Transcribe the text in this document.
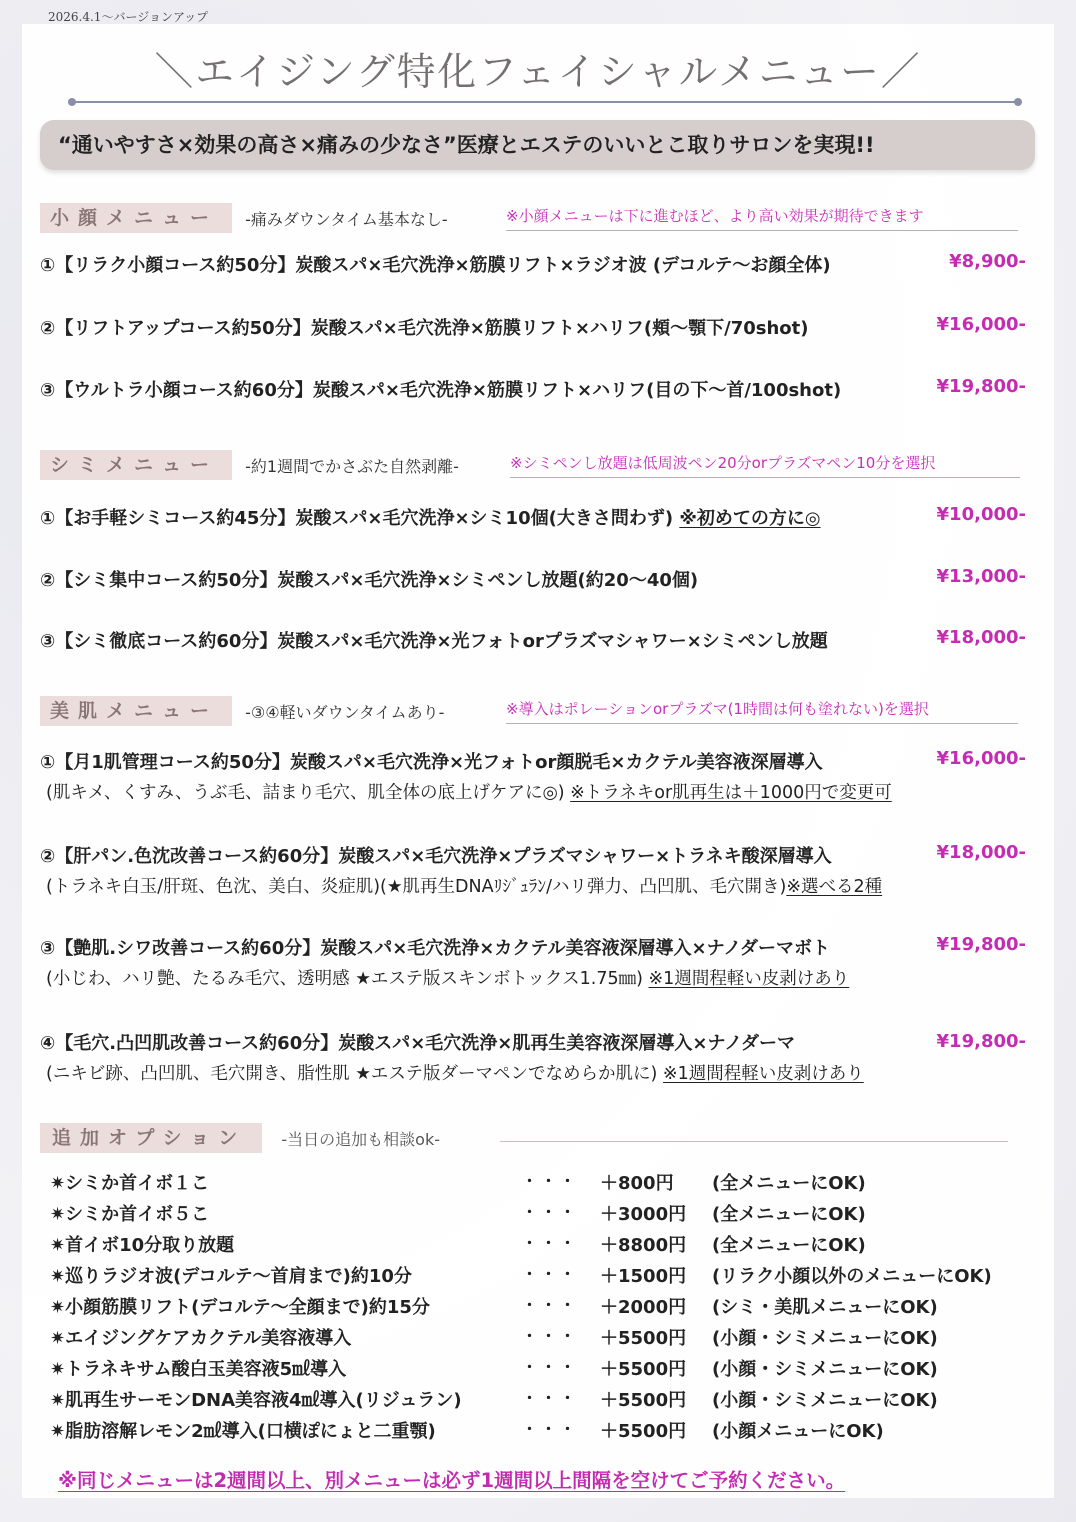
2026.4.1～バージョンアップ
＼エイジング特化フェイシャルメニュー／
“通いやすさ×効果の高さ×痛みの少なさ”医療とエステのいいとこ取りサロンを実現!!
小顔メニュー -痛みダウンタイム基本なし-	※小顔メニューは下に進むほど、より高い効果が期待できます
①【リラク小顔コース約50分】炭酸スパ×毛穴洗浄×筋膜リフト×ラジオ波 (デコルテ〜お顔全体)	¥8,900-
②【リフトアップコース約50分】炭酸スパ×毛穴洗浄×筋膜リフト×ハリフ(頬〜顎下/70shot)	¥16,000-
③【ウルトラ小顔コース約60分】炭酸スパ×毛穴洗浄×筋膜リフト×ハリフ(目の下〜首/100shot)	¥19,800-
シミメニュー -約1週間でかさぶた自然剥離-	※シミペンし放題は低周波ペン20分orプラズマペン10分を選択
①【お手軽シミコース約45分】炭酸スパ×毛穴洗浄×シミ10個(大きさ問わず) ※初めての方に◎	¥10,000-
②【シミ集中コース約50分】炭酸スパ×毛穴洗浄×シミペンし放題(約20〜40個)	¥13,000-
③【シミ徹底コース約60分】炭酸スパ×毛穴洗浄×光フォトorプラズマシャワー×シミペンし放題	¥18,000-
美肌メニュー -③④軽いダウンタイムあり-	※導入はポレーションorプラズマ(1時間は何も塗れない)を選択
①【月1肌管理コース約50分】炭酸スパ×毛穴洗浄×光フォトor顔脱毛×カクテル美容液深層導入	¥16,000-
(肌キメ、くすみ、うぶ毛、詰まり毛穴、肌全体の底上げケアに◎) ※トラネキor肌再生は＋1000円で変更可
②【肝パン.色沈改善コース約60分】炭酸スパ×毛穴洗浄×プラズマシャワー×トラネキ酸深層導入	¥18,000-
(トラネキ白玉/肝斑、色沈、美白、炎症肌)(★肌再生DNAﾘｼﾞｭﾗﾝ/ハリ弾力、凸凹肌、毛穴開き)※選べる2種
③【艶肌.シワ改善コース約60分】炭酸スパ×毛穴洗浄×カクテル美容液深層導入×ナノダーマボト	¥19,800-
(小じわ、ハリ艶、たるみ毛穴、透明感 ★エステ版スキンボトックス1.75㎜) ※1週間程軽い皮剥けあり
④【毛穴.凸凹肌改善コース約60分】炭酸スパ×毛穴洗浄×肌再生美容液深層導入×ナノダーマ	¥19,800-
(ニキビ跡、凸凹肌、毛穴開き、脂性肌 ★エステ版ダーマペンでなめらか肌に) ※1週間程軽い皮剥けあり
追加オプション -当日の追加も相談ok-
✷シミか首イボ１こ	・・・ ＋800円 (全メニューにOK)
✷シミか首イボ５こ	・・・ ＋3000円 (全メニューにOK)
✷首イボ10分取り放題	・・・ ＋8800円 (全メニューにOK)
✷巡りラジオ波(デコルテ〜首肩まで)約10分	・・・ ＋1500円 (リラク小顔以外のメニューにOK)
✷小顔筋膜リフト(デコルテ〜全顔まで)約15分	・・・ ＋2000円 (シミ・美肌メニューにOK)
✷エイジングケアカクテル美容液導入	・・・ ＋5500円 (小顔・シミメニューにOK)
✷トラネキサム酸白玉美容液5㎖導入	・・・ ＋5500円 (小顔・シミメニューにOK)
✷肌再生サーモンDNA美容液4㎖導入(リジュラン)	・・・ ＋5500円 (小顔・シミメニューにOK)
✷脂肪溶解レモン2㎖導入(口横ぽにょと二重顎)	・・・ ＋5500円 (小顔メニューにOK)
※同じメニューは2週間以上、別メニューは必ず1週間以上間隔を空けてご予約ください。
